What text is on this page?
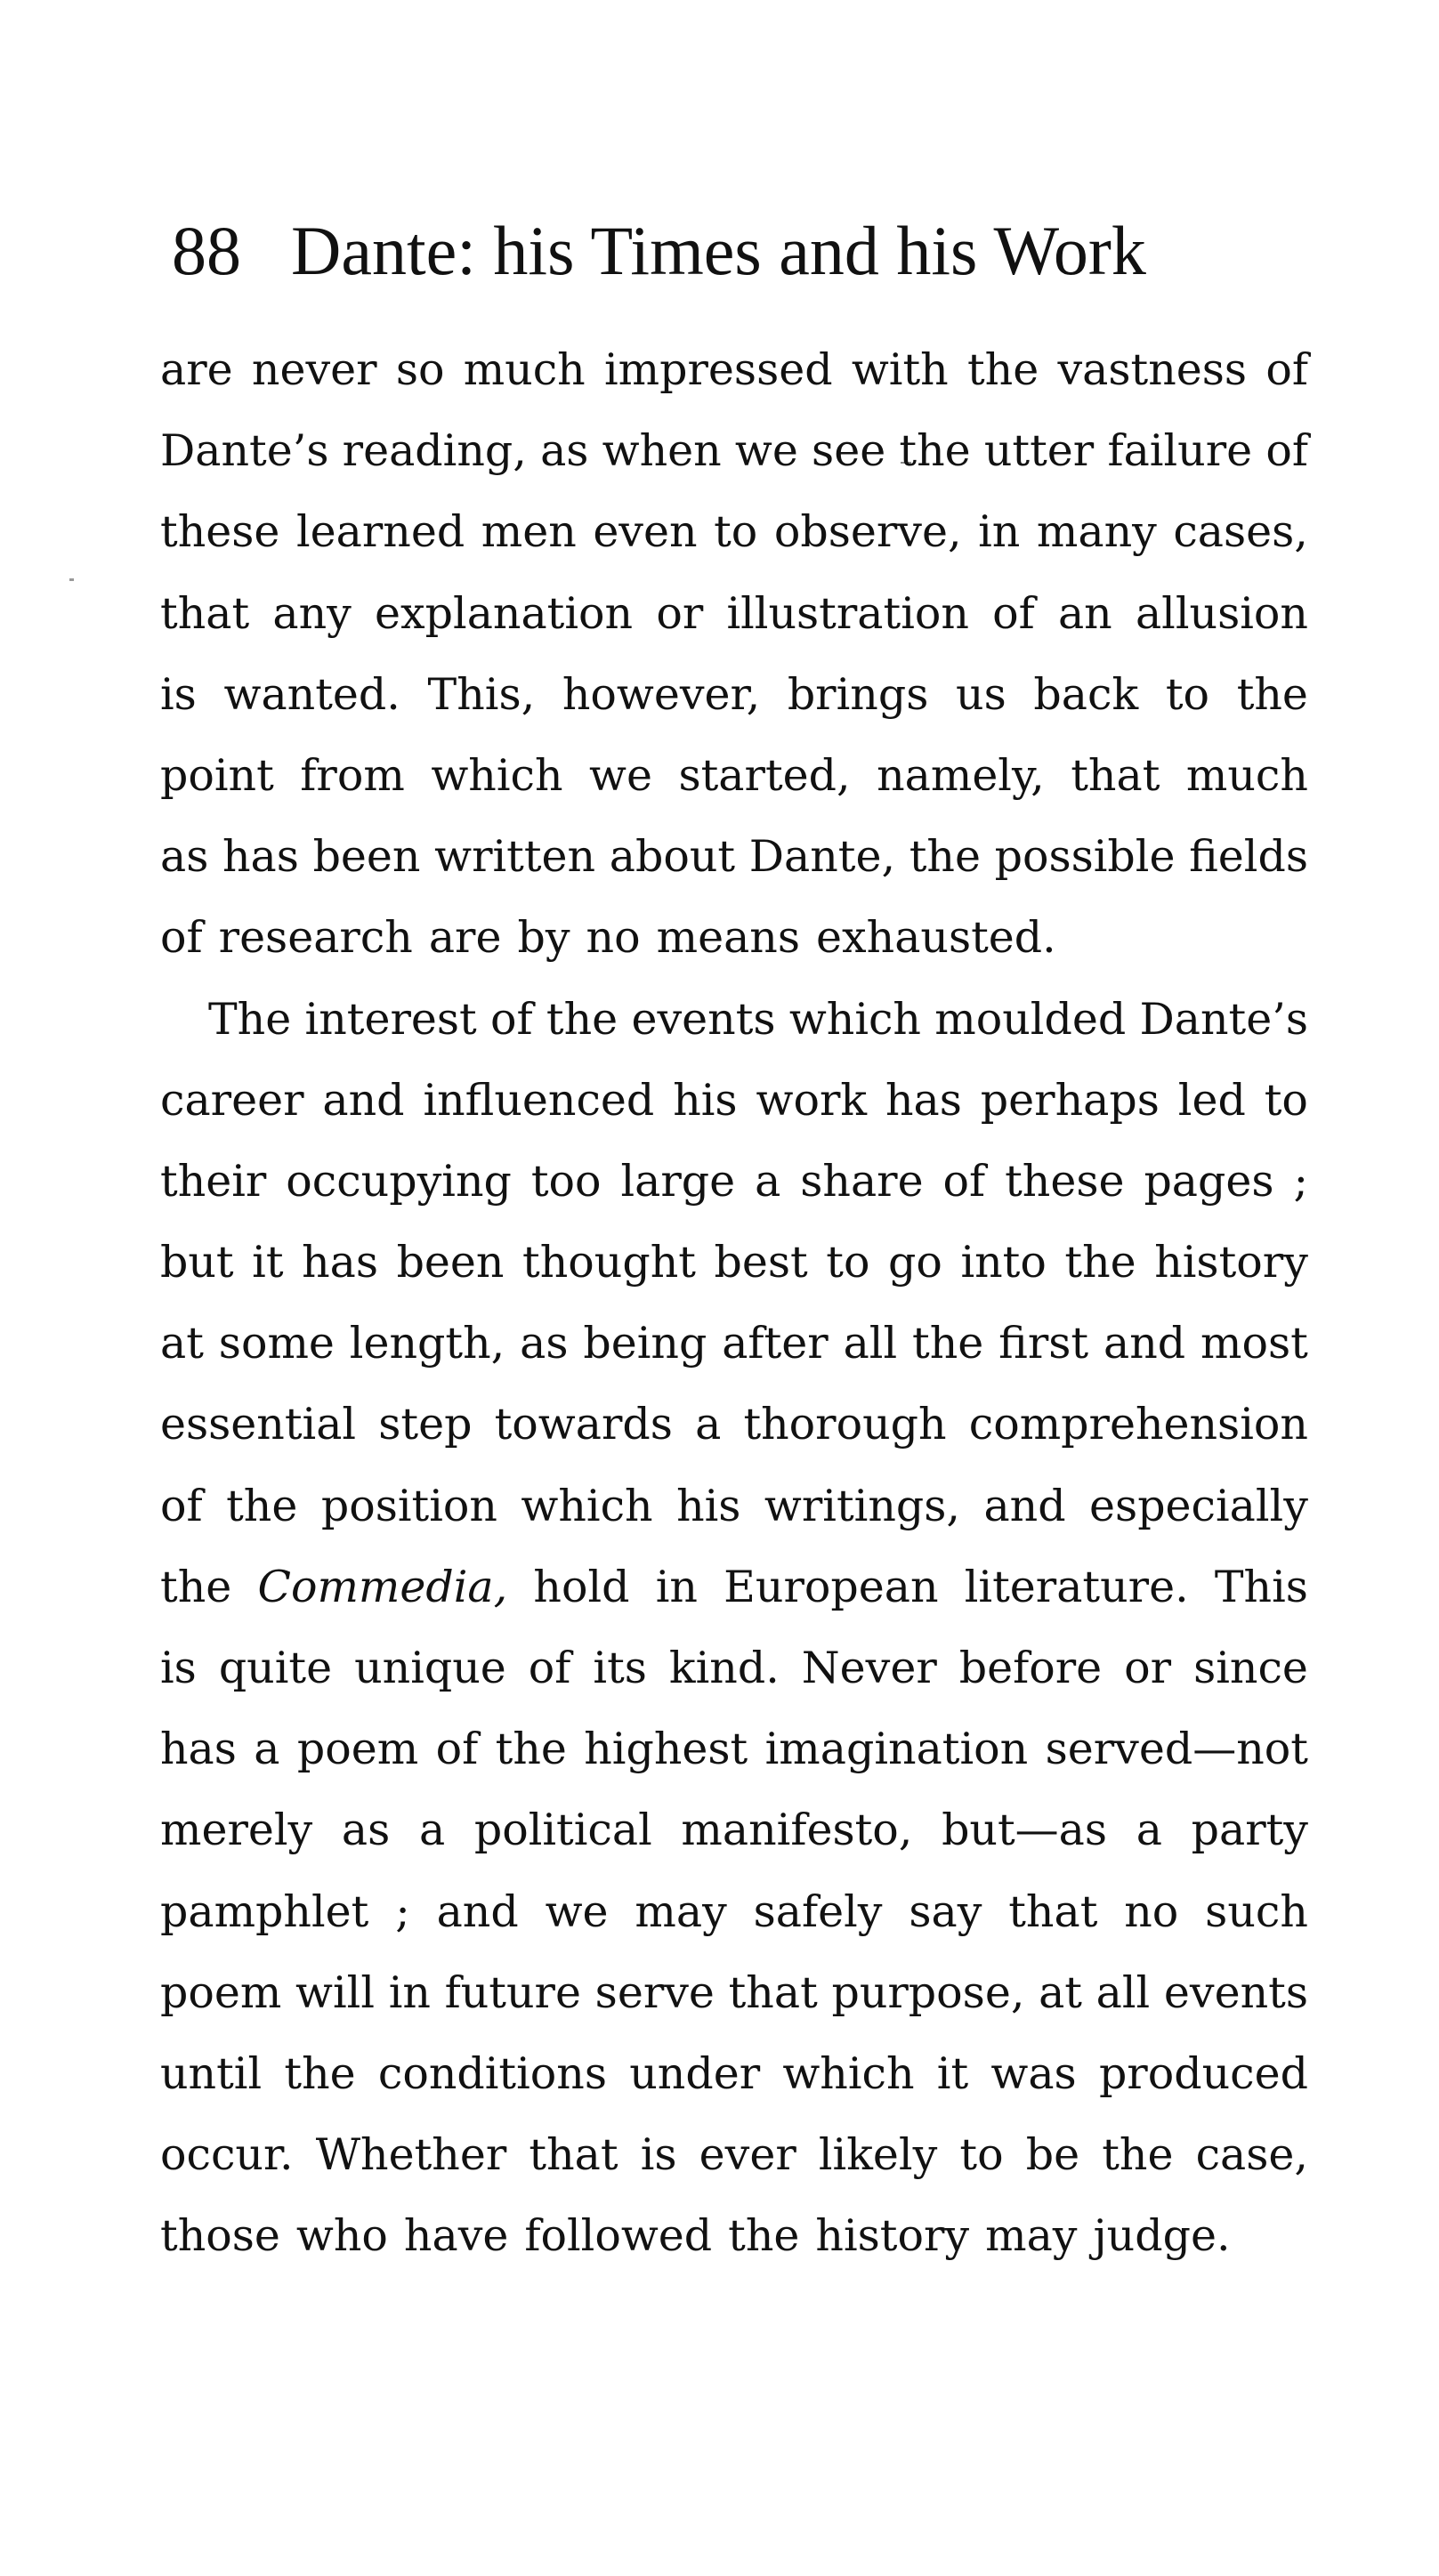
88 Dante: his Times and his Work
are never so much impressed with the vastness of
Dante’s reading, as when we see the utter failure of
these learned men even to observe, in many cases,
that any explanation or illustration of an allusion
is wanted. This, however, brings us back to the
point from which we started, namely, that much
as has been written about Dante, the possible fields
of research are by no means exhausted.
The interest of the events which moulded Dante’s
career and influenced his work has perhaps led to
their occupying too large a share of these pages ;
but it has been thought best to go into the history
at some length, as being after all the first and most
essential step towards a thorough comprehension
of the position which his writings, and especially
the Commedia, hold in European literature. This
is quite unique of its kind. Never before or since
has a poem of the highest imagination served—not
merely as a political manifesto, but—as a party
pamphlet ; and we may safely say that no such
poem will in future serve that purpose, at all events
until the conditions under which it was produced
occur. Whether that is ever likely to be the case,
those who have followed the history may judge.
